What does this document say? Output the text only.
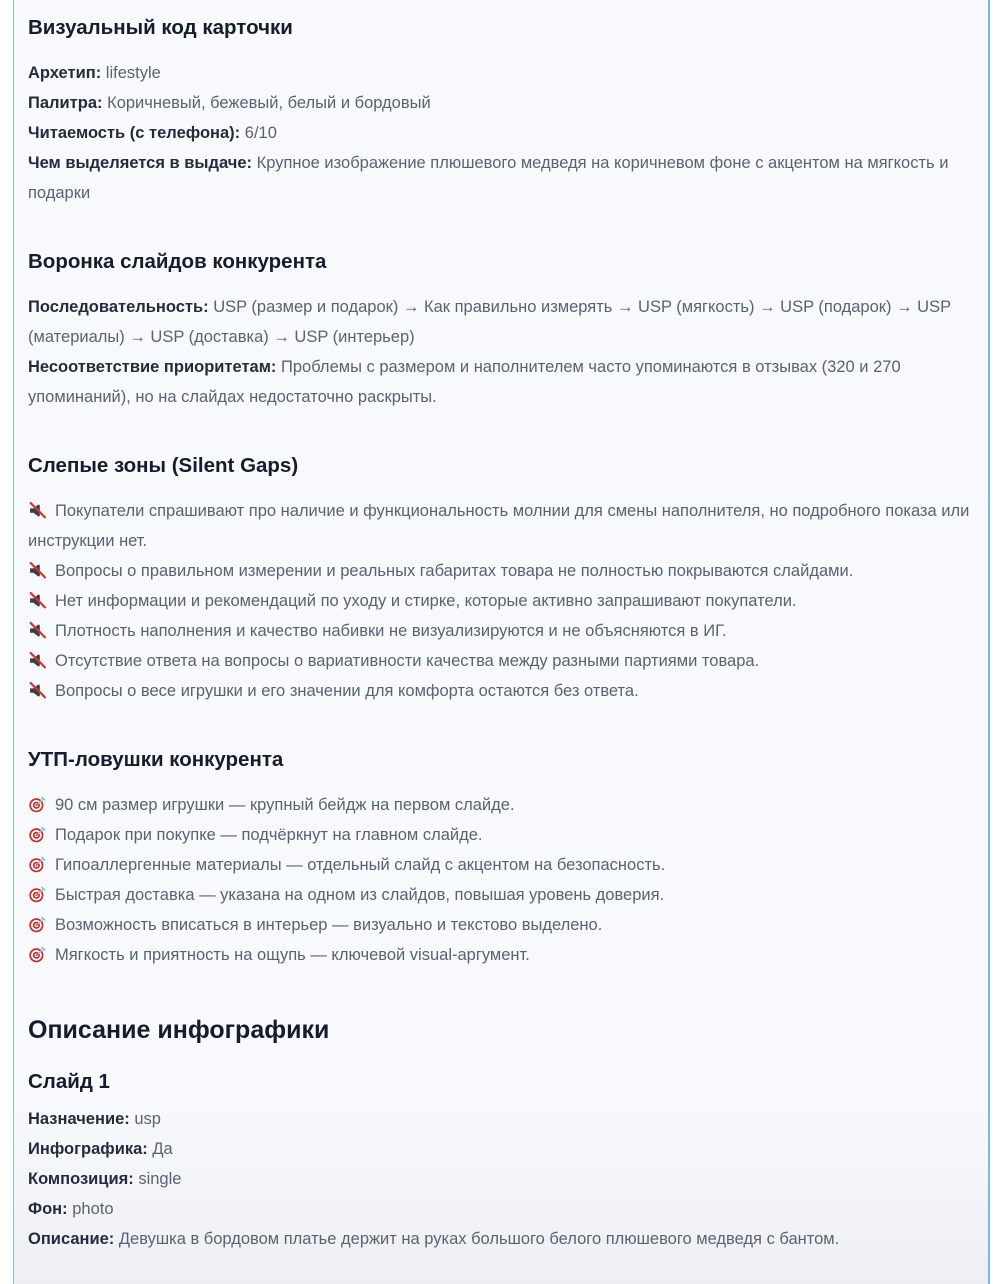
Визуальный код карточки

Архетип: lifestyle

Палитра: Коричневый, бежевый, белый и бордовый

Читаемость (с телефона): 6/10

Чем выделяется в выдаче: Крупное изображение плюшевого медведя на коричневом фоне с акцентом на мягкость и подарки

Воронка слайдов конкурента

Последовательность: USP (размер и подарок) → Как правильно измерять → USP (мягкость) → USP (подарок) → USP (материалы) → USP (доставка) → USP (интерьер)

Несоответствие приоритетам: Проблемы с размером и наполнителем часто упоминаются в отзывах (320 и 270 упоминаний), но на слайдах недостаточно раскрыты.

Слепые зоны (Silent Gaps)

Покупатели спрашивают про наличие и функциональность молнии для смены наполнителя, но подробного показа или инструкции нет.

Вопросы о правильном измерении и реальных габаритах товара не полностью покрываются слайдами.

Нет информации и рекомендаций по уходу и стирке, которые активно запрашивают покупатели.

Плотность наполнения и качество набивки не визуализируются и не объясняются в ИГ.

Отсутствие ответа на вопросы о вариативности качества между разными партиями товара.

Вопросы о весе игрушки и его значении для комфорта остаются без ответа.

УТП-ловушки конкурента

90 см размер игрушки — крупный бейдж на первом слайде.

Подарок при покупке — подчёркнут на главном слайде.

Гипоаллергенные материалы — отдельный слайд с акцентом на безопасность.

Быстрая доставка — указана на одном из слайдов, повышая уровень доверия.

Возможность вписаться в интерьер — визуально и текстово выделено.

Мягкость и приятность на ощупь — ключевой visual-аргумент.

Описание инфографики
Слайд 1

Назначение: usp

Инфографика: Да

Композиция: single

Фон: photo

Описание: Девушка в бордовом платье держит на руках большого белого плюшевого медведя с бантом.
